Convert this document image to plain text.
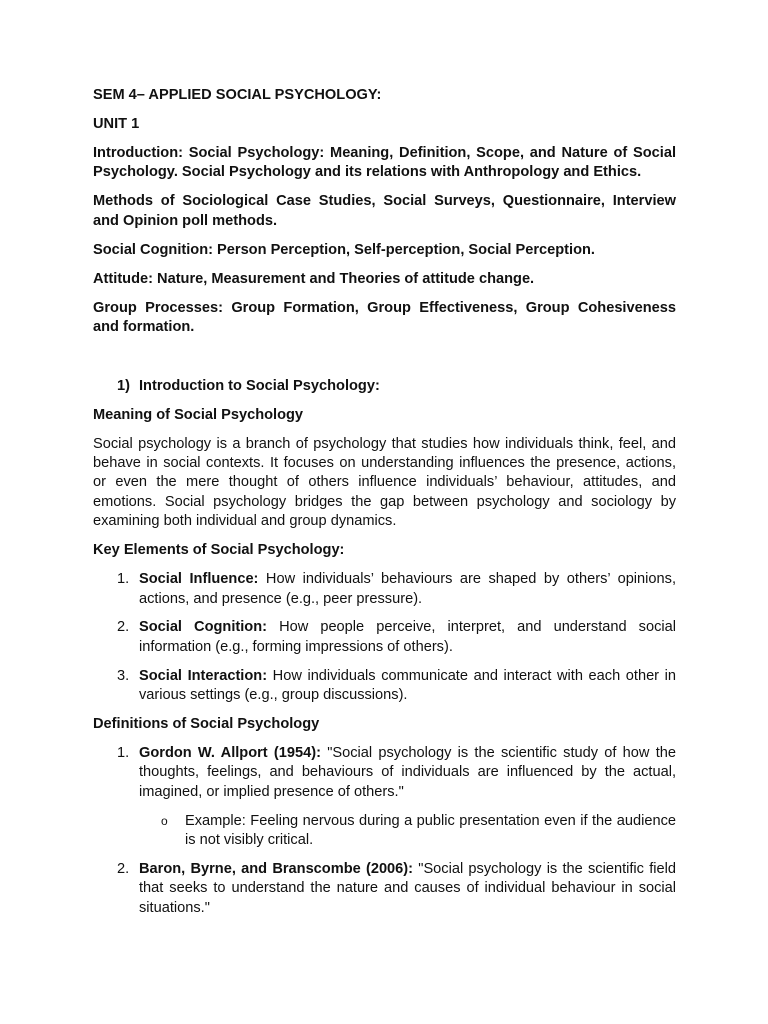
SEM 4– APPLIED SOCIAL PSYCHOLOGY:

UNIT 1

Introduction: Social Psychology: Meaning, Definition, Scope, and Nature of Social Psychology. Social Psychology and its relations with Anthropology and Ethics.

Methods of Sociological Case Studies, Social Surveys, Questionnaire, Interview and Opinion poll methods.

Social Cognition: Person Perception, Self-perception, Social Perception.

Attitude: Nature, Measurement and Theories of attitude change.

Group Processes: Group Formation, Group Effectiveness, Group Cohesiveness and formation.

1) Introduction to Social Psychology:

Meaning of Social Psychology

Social psychology is a branch of psychology that studies how individuals think, feel, and behave in social contexts. It focuses on understanding influences the presence, actions, or even the mere thought of others influence individuals’ behaviour, attitudes, and emotions. Social psychology bridges the gap between psychology and sociology by examining both individual and group dynamics.

Key Elements of Social Psychology:

1. Social Influence: How individuals’ behaviours are shaped by others’ opinions, actions, and presence (e.g., peer pressure).
2. Social Cognition: How people perceive, interpret, and understand social information (e.g., forming impressions of others).
3. Social Interaction: How individuals communicate and interact with each other in various settings (e.g., group discussions).

Definitions of Social Psychology

1. Gordon W. Allport (1954): "Social psychology is the scientific study of how the thoughts, feelings, and behaviours of individuals are influenced by the actual, imagined, or implied presence of others."
o Example: Feeling nervous during a public presentation even if the audience is not visibly critical.
2. Baron, Byrne, and Branscombe (2006): "Social psychology is the scientific field that seeks to understand the nature and causes of individual behaviour in social situations."
